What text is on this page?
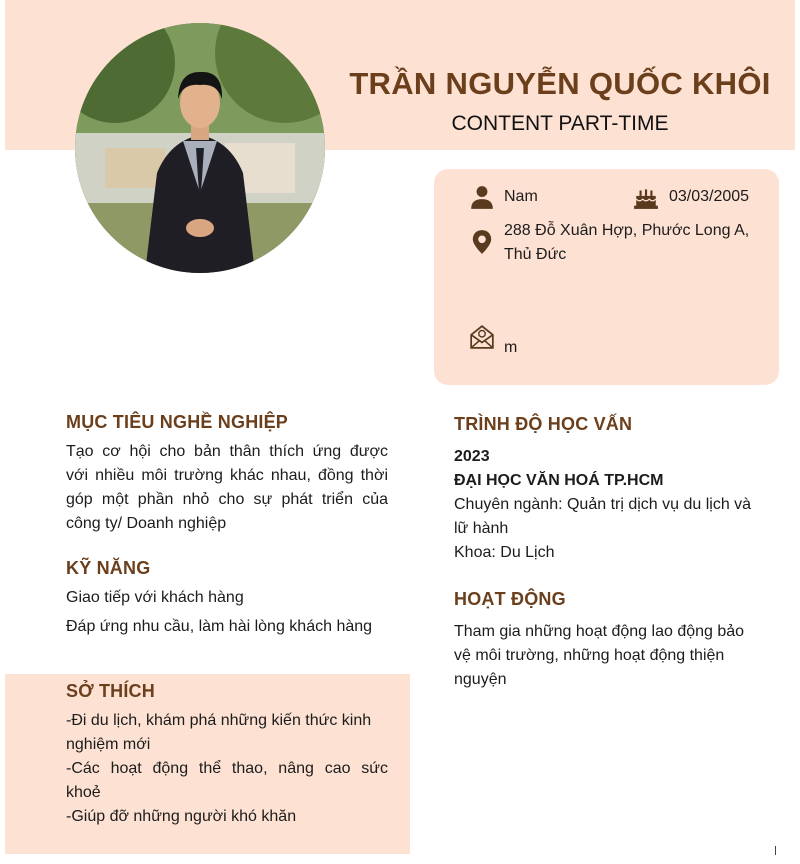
TRẦN NGUYỄN QUỐC KHÔI
CONTENT PART-TIME
Nam	03/03/2005
288 Đỗ Xuân Hợp, Phước Long A,
Thủ Đức
m
MỤC TIÊU NGHỀ NGHIỆP
Tạo cơ hội cho bản thân thích ứng được
với nhiều môi trường khác nhau, đồng thời
góp một phần nhỏ cho sự phát triển của
công ty/ Doanh nghiệp
KỸ NĂNG
Giao tiếp với khách hàng
Đáp ứng nhu cầu, làm hài lòng khách hàng
SỞ THÍCH
-Đi du lịch, khám phá những kiến thức kinh
nghiệm mới
-Các hoạt động thể thao, nâng cao sức
khoẻ
-Giúp đỡ những người khó khăn
TRÌNH ĐỘ HỌC VẤN
2023
ĐẠI HỌC VĂN HOÁ TP.HCM
Chuyên ngành: Quản trị dịch vụ du lịch và
lữ hành
Khoa: Du Lịch
HOẠT ĐỘNG
Tham gia những hoạt động lao động bảo
vệ môi trường, những hoạt động thiện
nguyện
